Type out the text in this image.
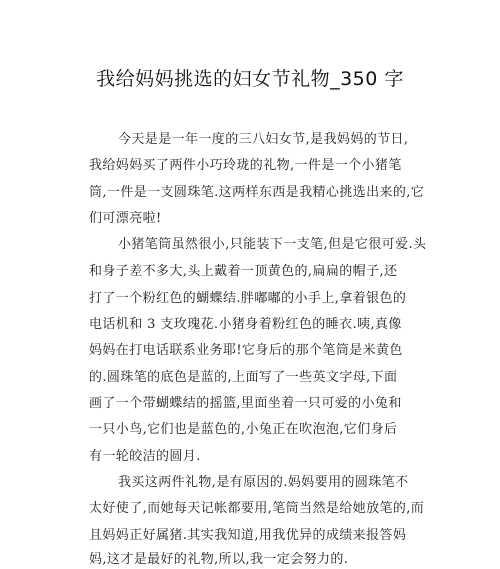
我给妈妈挑选的妇女节礼物_350 字
今天是是一年一度的三八妇女节,是我妈妈的节日,
我给妈妈买了两件小巧玲珑的礼物,一件是一个小猪笔
筒,一件是一支圆珠笔.这两样东西是我精心挑选出来的,它
们可漂亮啦!
小猪笔筒虽然很小,只能装下一支笔,但是它很可爱.头
和身子差不多大,头上戴着一顶黄色的,扁扁的帽子,还
打了一个粉红色的蝴蝶结.胖嘟嘟的小手上,拿着银色的
电话机和 3 支玫瑰花.小猪身着粉红色的睡衣.咦,真像
妈妈在打电话联系业务耶!它身后的那个笔筒是米黄色
的.圆珠笔的底色是蓝的,上面写了一些英文字母,下面
画了一个带蝴蝶结的摇篮,里面坐着一只可爱的小兔和
一只小鸟,它们也是蓝色的,小兔正在吹泡泡,它们身后
有一轮皎洁的圆月.
我买这两件礼物,是有原因的.妈妈要用的圆珠笔不
太好使了,而她每天记帐都要用,笔筒当然是给她放笔的,而
且妈妈正好属猪.其实我知道,用我优异的成绩来报答妈
妈,这才是最好的礼物,所以,我一定会努力的.
